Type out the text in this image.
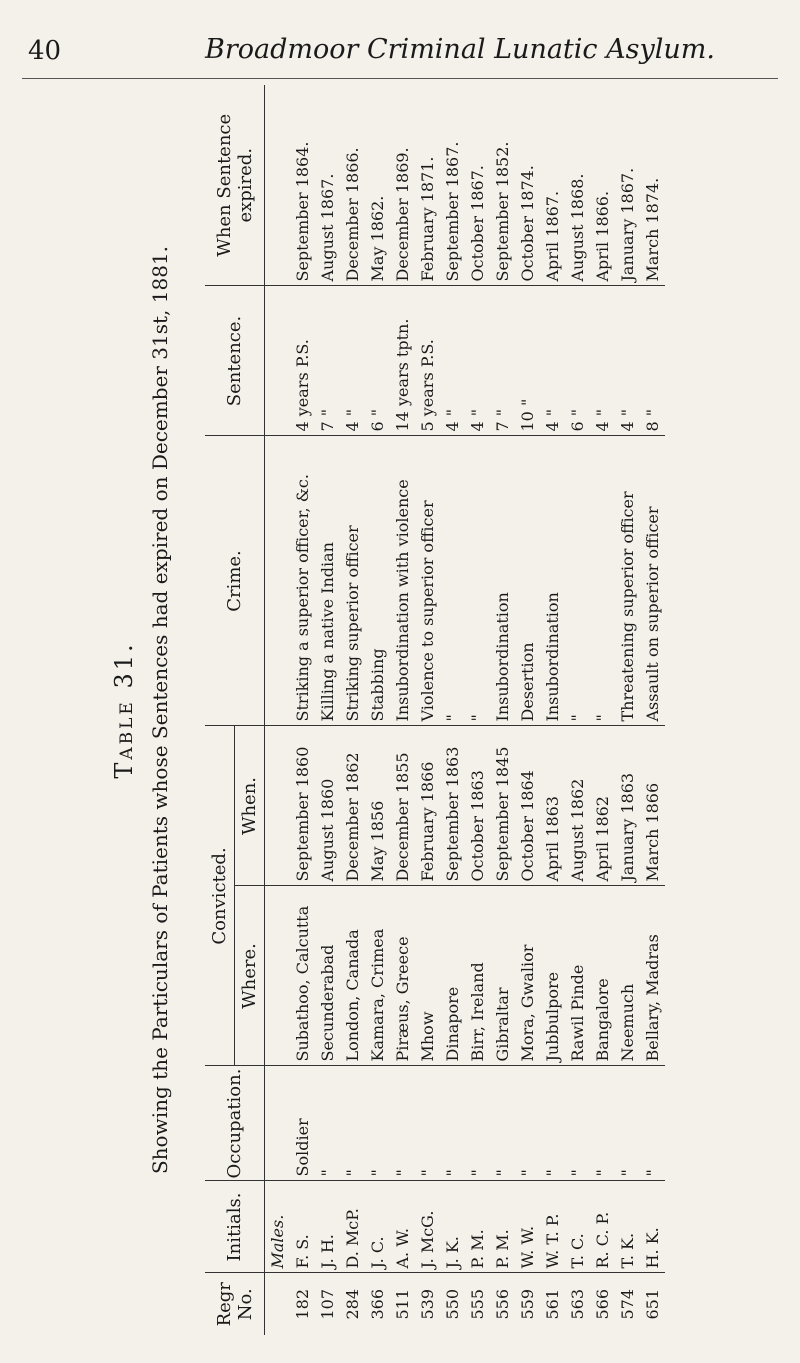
40	Broadmoor Criminal Lunatic Asylum.
Table 31. Showing the Particulars of Patients whose Sentences had expired on December 31st, 1881.
Regr No.	Initials.	Occupation.	Convicted.		Crime.	Sentence.	When Sentence expired.
			Where.	When.			
	Males.						
182	F. S.	Soldier	Subathoo, Calcutta	September 1860	Striking a superior officer, &c.	4 years P.S.	September 1864.
107	J. H.	"	Secunderabad	August 1860	Killing a native Indian	7 "	August 1867.
284	D. McP.	"	London, Canada	December 1862	Striking superior officer	4 "	December 1866.
366	J. C.	"	Kamara, Crimea	May 1856	Stabbing	6 "	May 1862.
511	A. W.	"	Piræus, Greece	December 1855	Insubordination with violence	14 years tptn.	December 1869.
539	J. McG.	"	Mhow	February 1866	Violence to superior officer	5 years P.S.	February 1871.
550	J. K.	"	Dinapore	September 1863	"	4 "	September 1867.
555	P. M.	"	Birr, Ireland	October 1863	"	4 "	October 1867.
556	P. M.	"	Gibraltar	September 1845	Insubordination	7 "	September 1852.
559	W. W.	"	Mora, Gwalior	October 1864	Desertion	10 "	October 1874.
561	W. T. P.	"	Jubbulpore	April 1863	Insubordination	4 "	April 1867.
563	T. C.	"	Rawil Pinde	August 1862	"	6 "	August 1868.
566	R. C. P.	"	Bangalore	April 1862	"	4 "	April 1866.
574	T. K.	"	Neemuch	January 1863	Threatening superior officer	4 "	January 1867.
651	H. K.	"	Bellary, Madras	March 1866	Assault on superior officer	8 "	March 1874.
